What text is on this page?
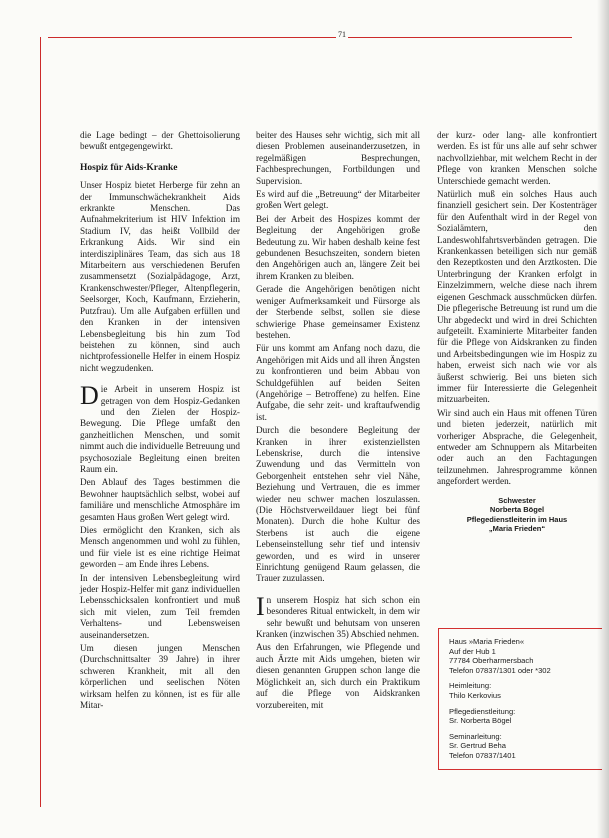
71

die Lage bedingt – der Ghettoisolierung bewußt entgegengewirkt.

Hospiz für Aids-Kranke

Unser Hospiz bietet Herberge für zehn an der Immunschwächekrankheit Aids erkrankte Menschen. Das Aufnahmekriterium ist HIV Infektion im Stadium IV, das heißt Vollbild der Erkrankung Aids. Wir sind ein interdisziplinäres Team, das sich aus 18 Mitarbeitern aus verschiedenen Berufen zusammensetzt (Sozialpädagoge, Arzt, Krankenschwester/Pfleger, Altenpflegerin, Seelsorger, Koch, Kaufmann, Erzieherin, Putzfrau). Um alle Aufgaben erfüllen und den Kranken in der intensiven Lebensbegleitung bis hin zum Tod beistehen zu können, sind auch nichtprofessionelle Helfer in einem Hospiz nicht wegzudenken.

Die Arbeit in unserem Hospiz ist getragen von dem Hospiz-Gedanken und den Zielen der Hospiz-Bewegung. Die Pflege umfaßt den ganzheitlichen Menschen, und somit nimmt auch die individuelle Betreuung und psychosoziale Begleitung einen breiten Raum ein.

Den Ablauf des Tages bestimmen die Bewohner hauptsächlich selbst, wobei auf familiäre und menschliche Atmosphäre im gesamten Haus großen Wert gelegt wird.

Dies ermöglicht den Kranken, sich als Mensch angenommen und wohl zu fühlen, und für viele ist es eine richtige Heimat geworden – am Ende ihres Lebens.

In der intensiven Lebensbegleitung wird jeder Hospiz-Helfer mit ganz individuellen Lebensschicksalen konfrontiert und muß sich mit vielen, zum Teil fremden Verhaltens- und Lebensweisen auseinandersetzen.

Um diesen jungen Menschen (Durchschnittsalter 39 Jahre) in ihrer schweren Krankheit, mit all den körperlichen und seelischen Nöten wirksam helfen zu können, ist es für alle Mitar-

beiter des Hauses sehr wichtig, sich mit all diesen Problemen auseinanderzusetzen, in regelmäßigen Besprechungen, Fachbesprechungen, Fortbildungen und Supervision.

Es wird auf die „Betreuung“ der Mitarbeiter großen Wert gelegt.

Bei der Arbeit des Hospizes kommt der Begleitung der Angehörigen große Bedeutung zu. Wir haben deshalb keine fest gebundenen Besuchszeiten, sondern bieten den Angehörigen auch an, längere Zeit bei ihrem Kranken zu bleiben.

Gerade die Angehörigen benötigen nicht weniger Aufmerksamkeit und Fürsorge als der Sterbende selbst, sollen sie diese schwierige Phase gemeinsamer Existenz bestehen.

Für uns kommt am Anfang noch dazu, die Angehörigen mit Aids und all ihren Ängsten zu konfrontieren und beim Abbau von Schuldgefühlen auf beiden Seiten (Angehörige – Betroffene) zu helfen. Eine Aufgabe, die sehr zeit- und kraftaufwendig ist.

Durch die besondere Begleitung der Kranken in ihrer existenziellsten Lebenskrise, durch die intensive Zuwendung und das Vermitteln von Geborgenheit entstehen sehr viel Nähe, Beziehung und Vertrauen, die es immer wieder neu schwer machen loszulassen. (Die Höchstverweildauer liegt bei fünf Monaten). Durch die hohe Kultur des Sterbens ist auch die eigene Lebenseinstellung sehr tief und intensiv geworden, und es wird in unserer Einrichtung genügend Raum gelassen, die Trauer zuzulassen.

In unserem Hospiz hat sich schon ein besonderes Ritual entwickelt, in dem wir sehr bewußt und behutsam von unseren Kranken (inzwischen 35) Abschied nehmen.

Aus den Erfahrungen, wie Pflegende und auch Ärzte mit Aids umgehen, bieten wir diesen genannten Gruppen schon lange die Möglichkeit an, sich durch ein Praktikum auf die Pflege von Aidskranken vorzubereiten, mit

der kurz- oder lang- alle konfrontiert werden. Es ist für uns alle auf sehr schwer nachvollziehbar, mit welchem Recht in der Pflege von kranken Menschen solche Unterschiede gemacht werden.

Natürlich muß ein solches Haus auch finanziell gesichert sein. Der Kostenträger für den Aufenthalt wird in der Regel von Sozialämtern, den Landeswohlfahrtsverbänden getragen. Die Krankenkassen beteiligen sich nur gemäß den Rezeptkosten und den Arztkosten. Die Unterbringung der Kranken erfolgt in Einzelzimmern, welche diese nach ihrem eigenen Geschmack ausschmücken dürfen. Die pflegerische Betreuung ist rund um die Uhr abgedeckt und wird in drei Schichten aufgeteilt. Examinierte Mitarbeiter fanden für die Pflege von Aidskranken zu finden und Arbeitsbedingungen wie im Hospiz zu haben, erweist sich nach wie vor als äußerst schwierig. Bei uns bieten sich immer für Interessierte die Gelegenheit mitzuarbeiten.

Wir sind auch ein Haus mit offenen Türen und bieten jederzeit, natürlich mit vorheriger Absprache, die Gelegenheit, entweder am Schnuppern als Mitarbeiten oder auch an den Fachtagungen teilzunehmen. Jahresprogramme können angefordert werden.

Schwester
Norberta Bögel
Pflegedienstleiterin im Haus
„Maria Frieden“
Haus »Maria Frieden«
Auf der Hub 1
77784 Oberharmersbach
Telefon 07837/1301 oder *302
Heimleitung:
Thilo Kerkovius
Pflegedienstleitung:
Sr. Norberta Bögel
Seminarleitung:
Sr. Gertrud Beha
Telefon 07837/1401
